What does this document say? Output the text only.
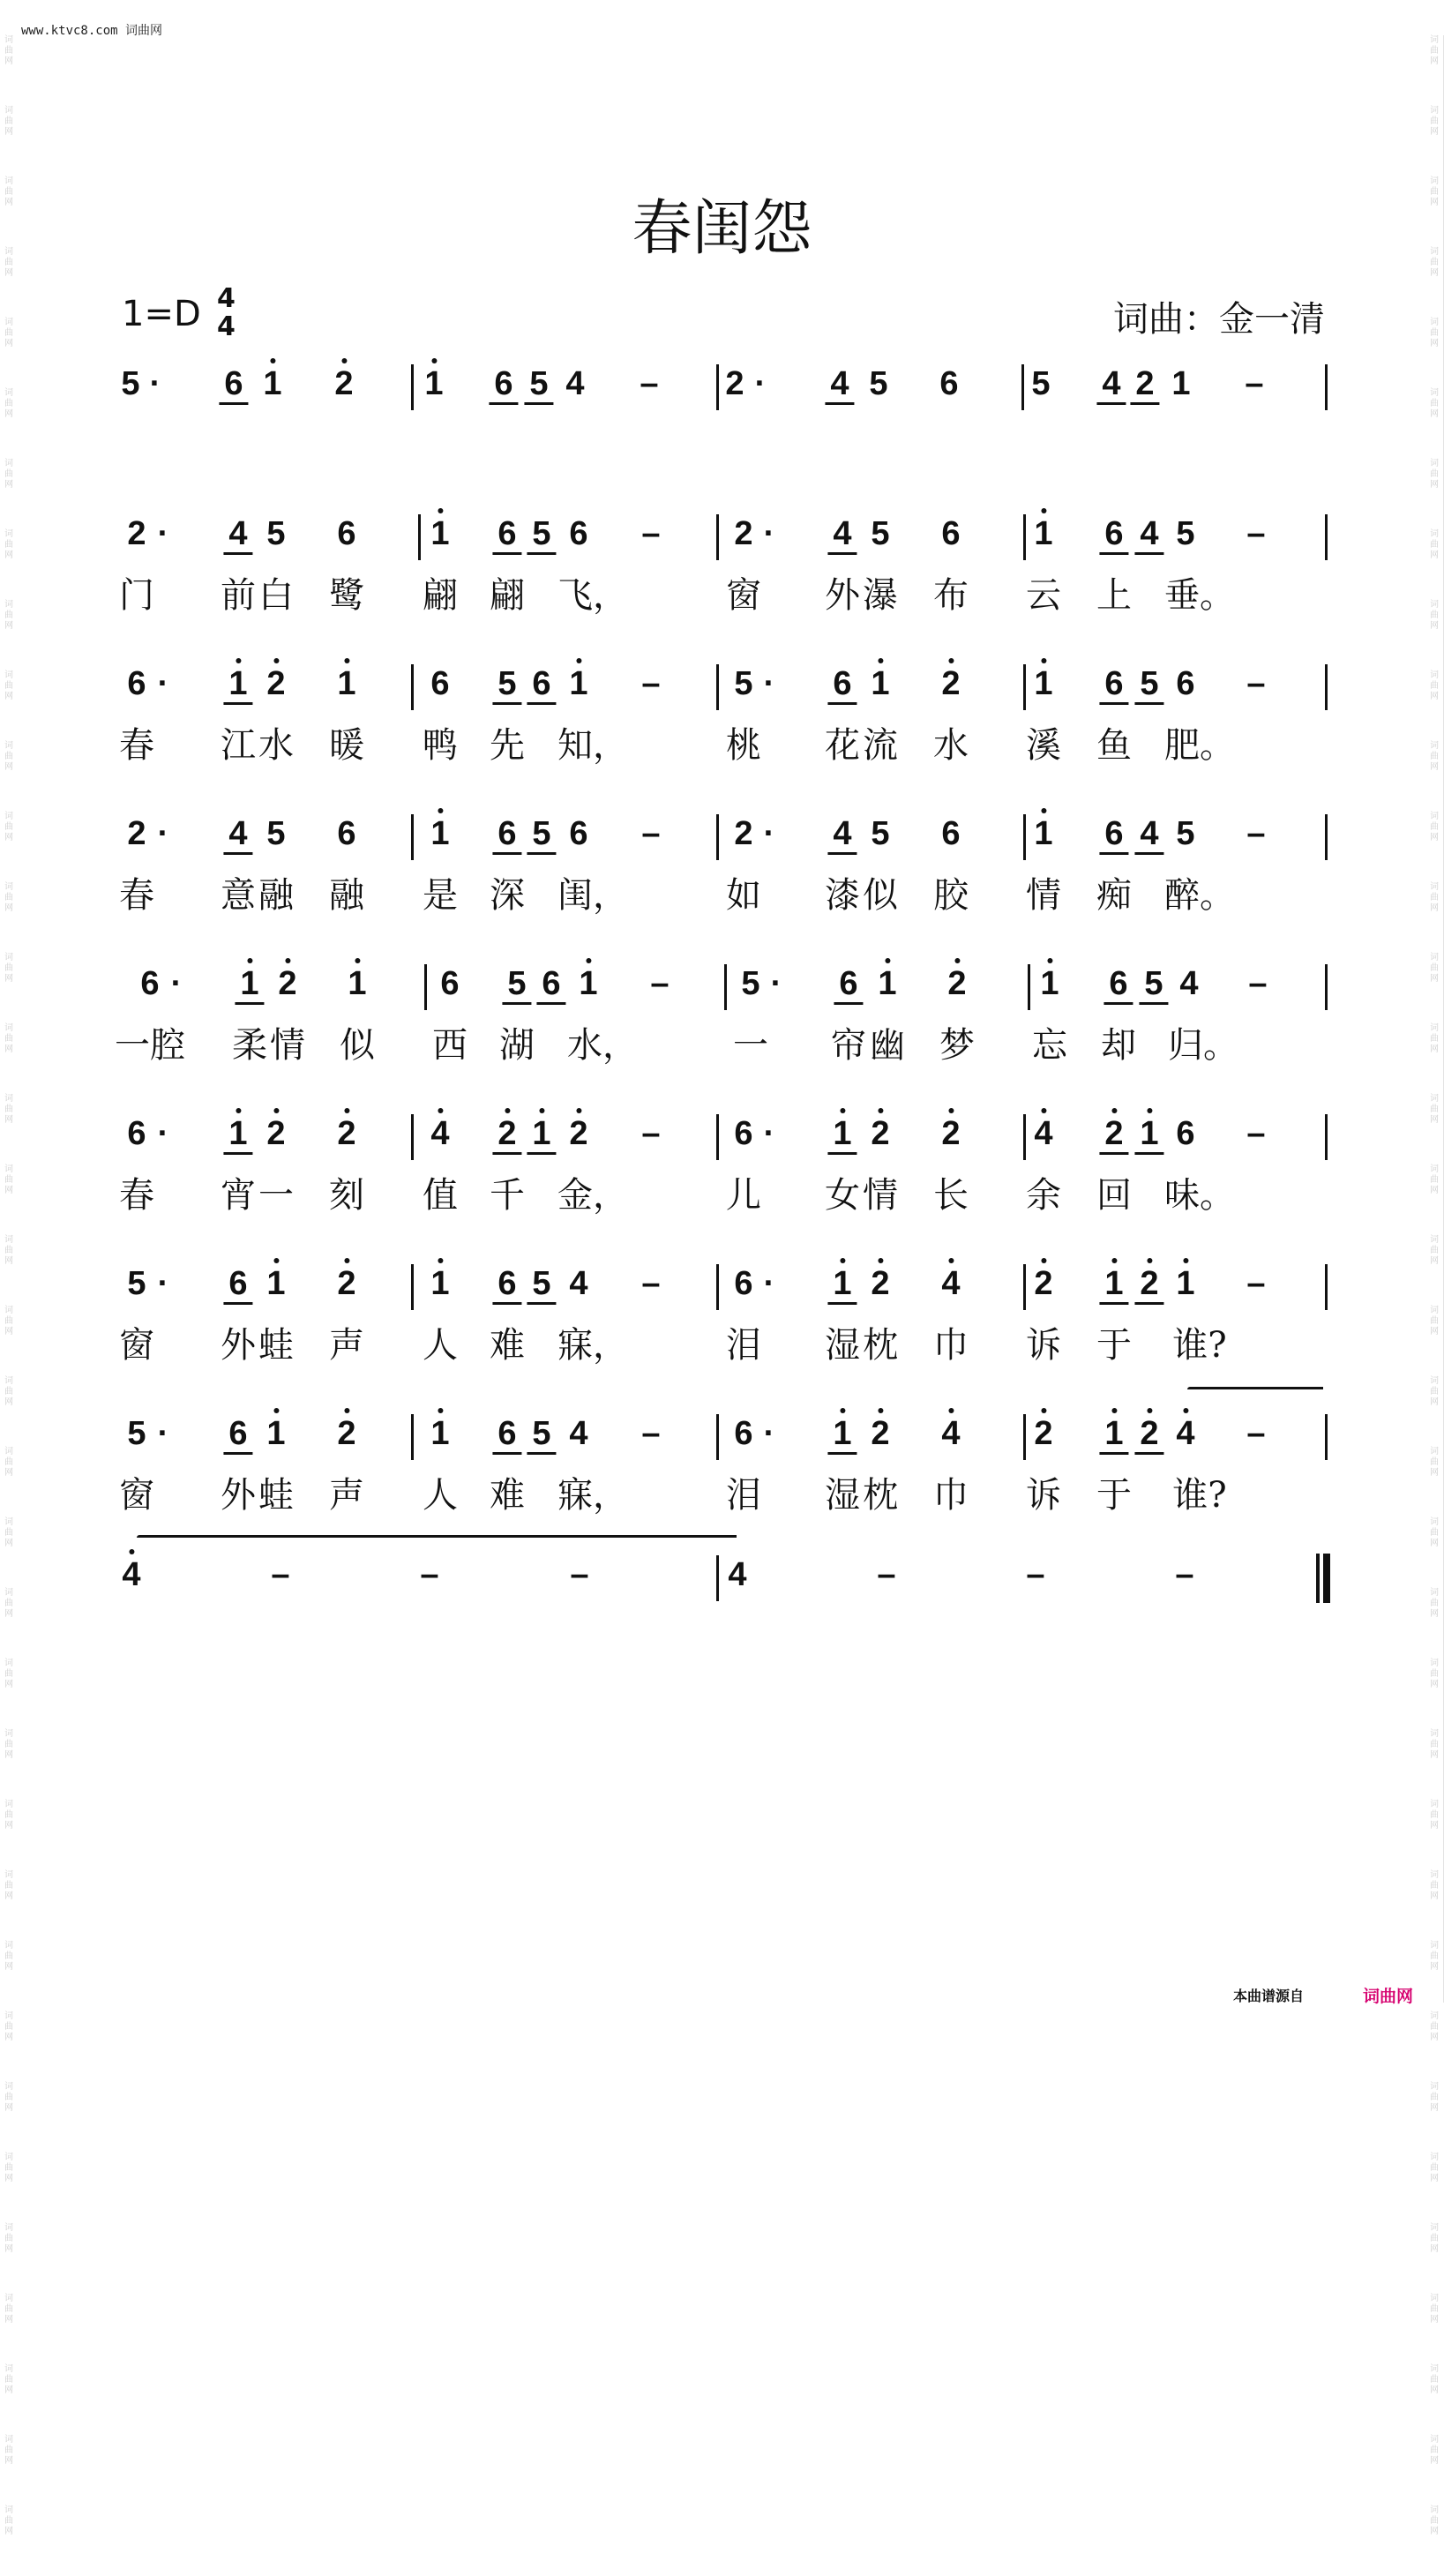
www.ktvc8.com 词曲网
词
曲
网
词
曲
网
词
曲
网
词
曲
网
词
曲
网
词
曲
网
词
曲
网
词
曲
网
词
曲
网
词
曲
网
词
曲
网
词
曲
网
词
曲
网
词
曲
网
词
曲
网
词
曲
网
词
曲
网
词
曲
网
词
曲
网
词
曲
网
词
曲
网
词
曲
网
词
曲
网
词
曲
网
词
曲
网
词
曲
网
词
曲
网
词
曲
网
词
曲
网
词
曲
网
词
曲
网
词
曲
网
词
曲
网
词
曲
网
词
曲
网
词
曲
网
词
曲
网
词
曲
网
词
曲
网
词
曲
网
词
曲
网
词
曲
网
词
曲
网
词
曲
网
词
曲
网
词
曲
网
词
曲
网
词
曲
网
词
曲
网
词
曲
网
词
曲
网
词
曲
网
词
曲
网
词
曲
网
词
曲
网
词
曲
网
词
曲
网
词
曲
网
词
曲
网
词
曲
网
词
曲
网
词
曲
网
词
曲
网
词
曲
网
词
曲
网
词
曲
网
词
曲
网
词
曲
网
词
曲
网
词
曲
网
词
曲
网
词
曲
网
春闺怨
1=D 4
4	词曲：金一清
5 · 6 1 2 1 6 5 4 – 2 · 4 5 6 5 4 2 1 –
2 · 4 5 6 1 6 5 6 – 2 · 4 5 6 1 6 4 5 –
门 前 白 鹭 翩 翩 飞，	窗 外 瀑 布 云 上 垂。
6 · 1 2 1 6 5 6 1 – 5 · 6 1 2 1 6 5 6 –
春 江 水 暖 鸭 先 知，	桃 花 流 水 溪 鱼 肥。
2 · 4 5 6 1 6 5 6 – 2 · 4 5 6 1 6 4 5 –
春 意 融 融 是 深 闺，	如 漆 似 胶 情 痴 醉。
6 · 1 2 1 6 5 6 1 – 5 · 6 1 2 1 6 5 4 –
一 腔 柔 情 似 西 湖 水，	一 帘 幽 梦 忘 却 归。
6 · 1 2 2 4 2 1 2 – 6 · 1 2 2 4 2 1 6 –
春 宵 一 刻 值 千 金，	儿 女 情 长 余 回 味。
5 · 6 1 2 1 6 5 4 – 6 · 1 2 4 2 1 2 1 –
窗 外 蛙 声 人 难 寐，	泪 湿 枕 巾 诉 于 谁?
5 · 6 1 2 1 6 5 4 – 6 · 1 2 4 2 1 2 4 –
窗 外 蛙 声 人 难 寐，	泪 湿 枕 巾 诉 于 谁?
4	–	–	–	4	–	–	–
本曲谱源自	词曲网
